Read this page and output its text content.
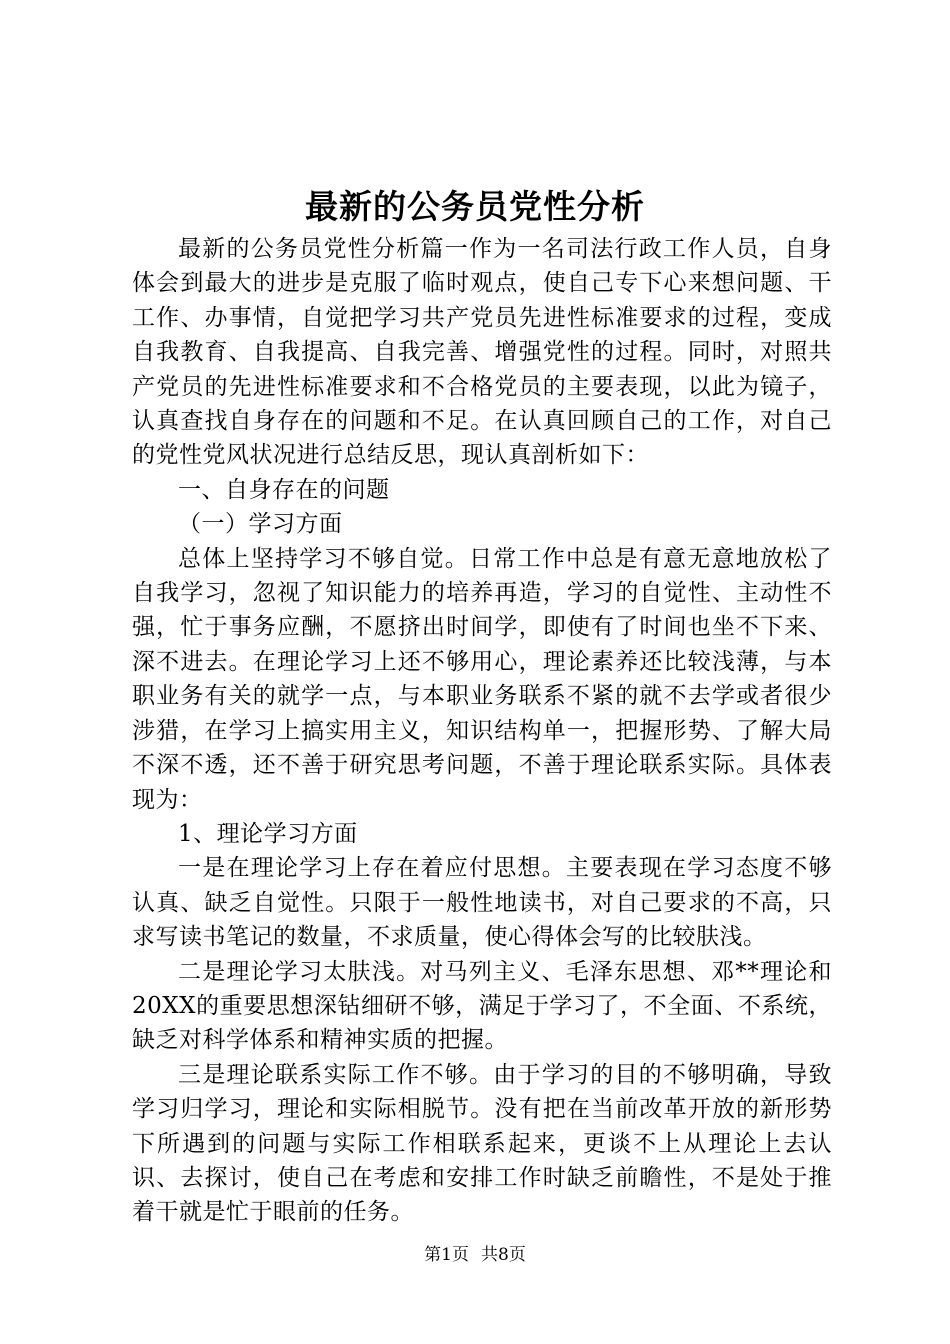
最新的公务员党性分析

最新的公务员党性分析篇一作为一名司法行政工作人员，自身体会到最大的进步是克服了临时观点，使自己专下心来想问题、干工作、办事情，自觉把学习共产党员先进性标准要求的过程，变成自我教育、自我提高、自我完善、增强党性的过程。同时，对照共产党员的先进性标准要求和不合格党员的主要表现，以此为镜子，认真查找自身存在的问题和不足。在认真回顾自己的工作，对自己的党性党风状况进行总结反思，现认真剖析如下：

一、自身存在的问题

（一）学习方面

总体上坚持学习不够自觉。日常工作中总是有意无意地放松了自我学习，忽视了知识能力的培养再造，学习的自觉性、主动性不强，忙于事务应酬，不愿挤出时间学，即使有了时间也坐不下来、深不进去。在理论学习上还不够用心，理论素养还比较浅薄，与本职业务有关的就学一点，与本职业务联系不紧的就不去学或者很少涉猎，在学习上搞实用主义，知识结构单一，把握形势、了解大局不深不透，还不善于研究思考问题，不善于理论联系实际。具体表现为：

1、理论学习方面

一是在理论学习上存在着应付思想。主要表现在学习态度不够认真、缺乏自觉性。只限于一般性地读书，对自己要求的不高，只求写读书笔记的数量，不求质量，使心得体会写的比较肤浅。

二是理论学习太肤浅。对马列主义、毛泽东思想、邓**理论和20XX的重要思想深钻细研不够，满足于学习了，不全面、不系统，缺乏对科学体系和精神实质的把握。

三是理论联系实际工作不够。由于学习的目的不够明确，导致学习归学习，理论和实际相脱节。没有把在当前改革开放的新形势下所遇到的问题与实际工作相联系起来，更谈不上从理论上去认识、去探讨，使自己在考虑和安排工作时缺乏前瞻性，不是处于推着干就是忙于眼前的任务。

第1页 共8页
